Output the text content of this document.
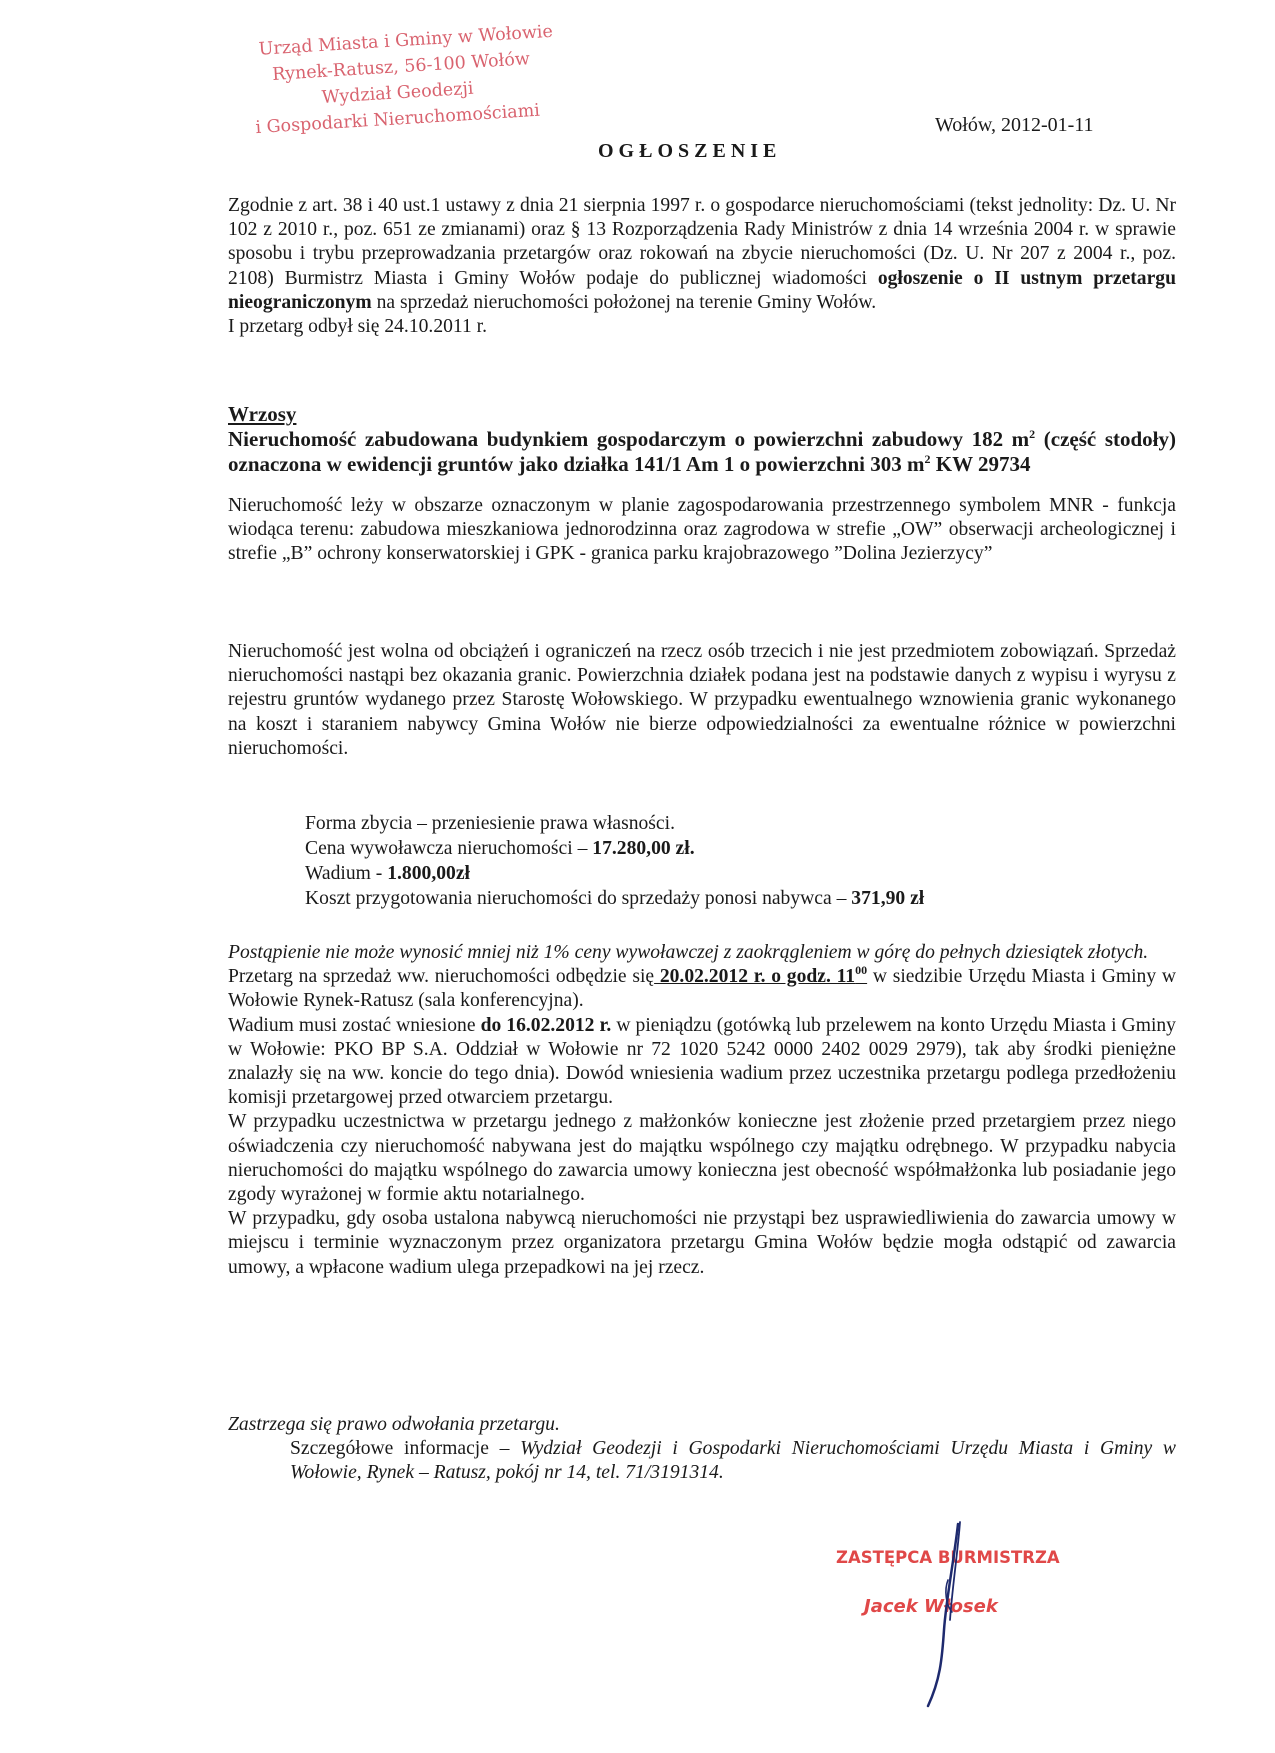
Urząd Miasta i Gminy w Wołowie
Rynek-Ratusz, 56-100 Wołów
Wydział Geodezji
i Gospodarki Nieruchomościami	Wołów, 2012-01-11
OGŁOSZENIE

Zgodnie z art. 38 i 40 ust.1 ustawy z dnia 21 sierpnia 1997 r. o gospodarce nieruchomościami (tekst jednolity: Dz. U. Nr 102 z 2010 r., poz. 651 ze zmianami) oraz § 13 Rozporządzenia Rady Ministrów z dnia 14 września 2004 r. w sprawie sposobu i trybu przeprowadzania przetargów oraz rokowań na zbycie nieruchomości (Dz. U. Nr 207 z 2004 r., poz. 2108) Burmistrz Miasta i Gminy Wołów podaje do publicznej wiadomości ogłoszenie o II ustnym przetargu nieograniczonym na sprzedaż nieruchomości położonej na terenie Gminy Wołów.

I przetarg odbył się 24.10.2011 r.

Wrzosy

Nieruchomość zabudowana budynkiem gospodarczym o powierzchni zabudowy 182 $m^2$ (część stodoły) oznaczona w ewidencji gruntów jako działka 141/1 Am 1 o powierzchni 303 $m^2$ KW 29734

Nieruchomość leży w obszarze oznaczonym w planie zagospodarowania przestrzennego symbolem MNR - funkcja wiodąca terenu: zabudowa mieszkaniowa jednorodzinna oraz zagrodowa w strefie „OW” obserwacji archeologicznej i strefie „B” ochrony konserwatorskiej i GPK - granica parku krajobrazowego ”Dolina Jezierzycy”

Nieruchomość jest wolna od obciążeń i ograniczeń na rzecz osób trzecich i nie jest przedmiotem zobowiązań. Sprzedaż nieruchomości nastąpi bez okazania granic. Powierzchnia działek podana jest na podstawie danych z wypisu i wyrysu z rejestru gruntów wydanego przez Starostę Wołowskiego. W przypadku ewentualnego wznowienia granic wykonanego na koszt i staraniem nabywcy Gmina Wołów nie bierze odpowiedzialności za ewentualne różnice w powierzchni nieruchomości.

Forma zbycia – przeniesienie prawa własności.

Cena wywoławcza nieruchomości – 17.280,00 zł.

Wadium - 1.800,00zł

Koszt przygotowania nieruchomości do sprzedaży ponosi nabywca – 371,90 zł

Postąpienie nie może wynosić mniej niż 1% ceny wywoławczej z zaokrągleniem w górę do pełnych dziesiątek złotych.

Przetarg na sprzedaż ww. nieruchomości odbędzie się 20.02.2012 r. o godz. $11^{00}$ w siedzibie Urzędu Miasta i Gminy w Wołowie Rynek-Ratusz (sala konferencyjna).

Wadium musi zostać wniesione do 16.02.2012 r. w pieniądzu (gotówką lub przelewem na konto Urzędu Miasta i Gminy w Wołowie: PKO BP S.A. Oddział w Wołowie nr 72 1020 5242 0000 2402 0029 2979), tak aby środki pieniężne znalazły się na ww. koncie do tego dnia). Dowód wniesienia wadium przez uczestnika przetargu podlega przedłożeniu komisji przetargowej przed otwarciem przetargu.

W przypadku uczestnictwa w przetargu jednego z małżonków konieczne jest złożenie przed przetargiem przez niego oświadczenia czy nieruchomość nabywana jest do majątku wspólnego czy majątku odrębnego. W przypadku nabycia nieruchomości do majątku wspólnego do zawarcia umowy konieczna jest obecność współmałżonka lub posiadanie jego zgody wyrażonej w formie aktu notarialnego.

W przypadku, gdy osoba ustalona nabywcą nieruchomości nie przystąpi bez usprawiedliwienia do zawarcia umowy w miejscu i terminie wyznaczonym przez organizatora przetargu Gmina Wołów będzie mogła odstąpić od zawarcia umowy, a wpłacone wadium ulega przepadkowi na jej rzecz.

Zastrzega się prawo odwołania przetargu.

Szczegółowe informacje – Wydział Geodezji i Gospodarki Nieruchomościami Urzędu Miasta i Gminy w Wołowie, Rynek – Ratusz, pokój nr 14, tel. 71/3191314.

ZASTĘPCA BURMISTRZA
Jacek Włosek
